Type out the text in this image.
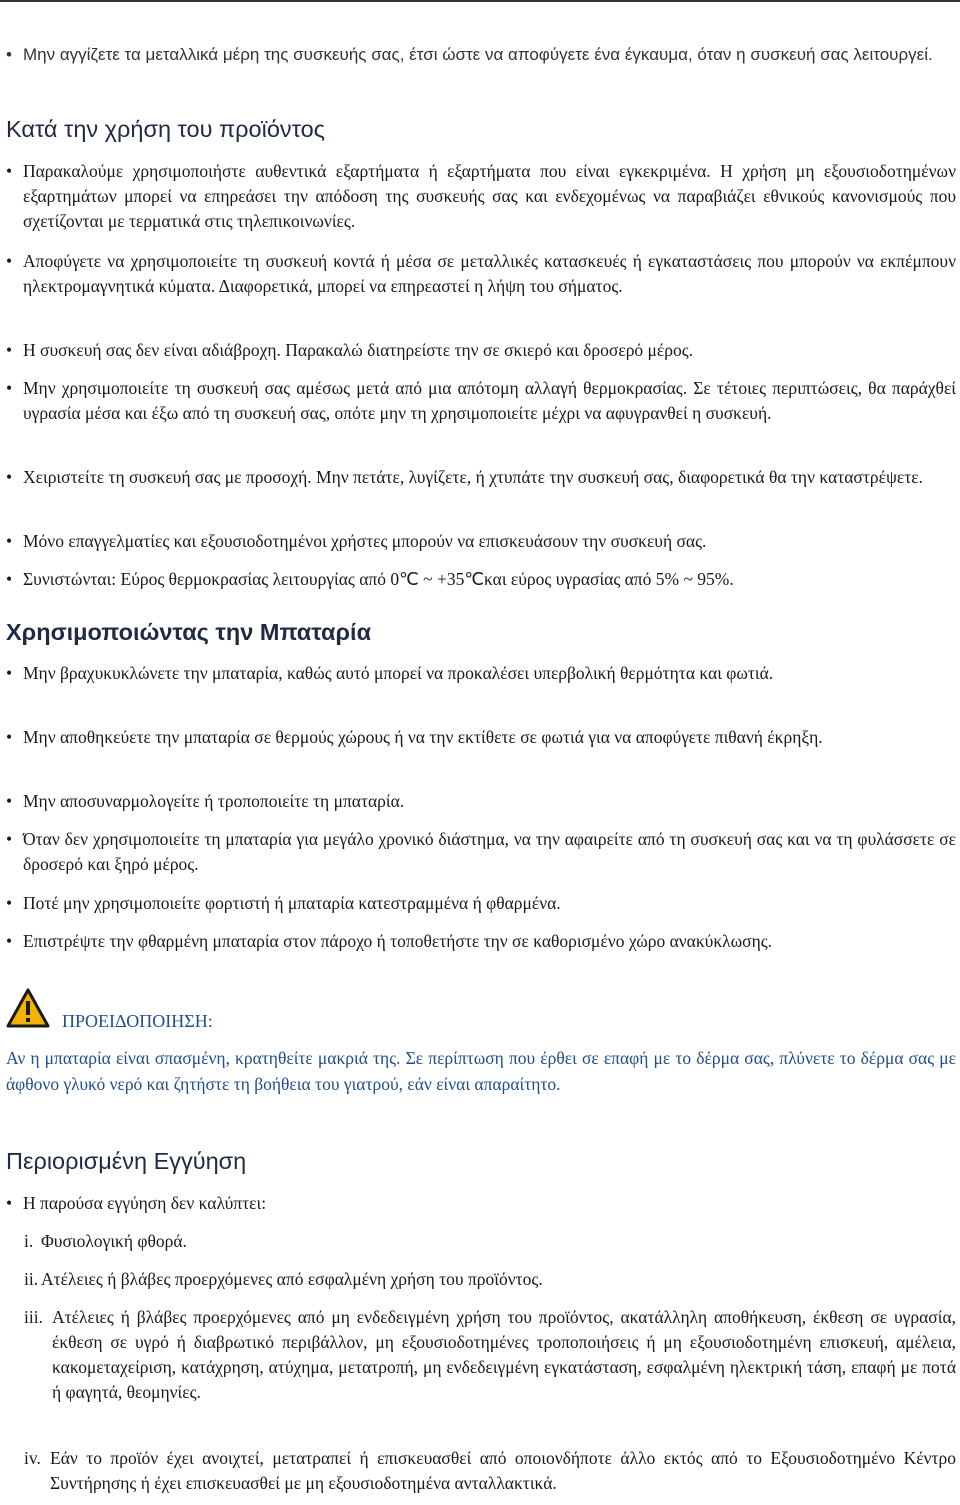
• Μην αγγίζετε τα μεταλλικά μέρη της συσκευής σας, έτσι ώστε να αποφύγετε ένα έγκαυμα, όταν η συσκευή σας λειτουργεί.
Κατά την χρήση του προϊόντος
• Παρακαλούμε χρησιμοποιήστε αυθεντικά εξαρτήματα ή εξαρτήματα που είναι εγκεκριμένα. Η χρήση μη εξουσιοδοτημένων εξαρτημάτων μπορεί να επηρεάσει την απόδοση της συσκευής σας και ενδεχομένως να παραβιάζει εθνικούς κανονισμούς που σχετίζονται με τερματικά στις τηλεπικοινωνίες.
• Αποφύγετε να χρησιμοποιείτε τη συσκευή κοντά ή μέσα σε μεταλλικές κατασκευές ή εγκαταστάσεις που μπορούν να εκπέμπουν ηλεκτρομαγνητικά κύματα. Διαφορετικά, μπορεί να επηρεαστεί η λήψη του σήματος.
• Η συσκευή σας δεν είναι αδιάβροχη. Παρακαλώ διατηρείστε την σε σκιερό και δροσερό μέρος.
• Μην χρησιμοποιείτε τη συσκευή σας αμέσως μετά από μια απότομη αλλαγή θερμοκρασίας. Σε τέτοιες περιπτώσεις, θα παράχθεί υγρασία μέσα και έξω από τη συσκευή σας, οπότε μην τη χρησιμοποιείτε μέχρι να αφυγρανθεί η συσκευή.
• Χειριστείτε τη συσκευή σας με προσοχή. Μην πετάτε, λυγίζετε, ή χτυπάτε την συσκευή σας, διαφορετικά θα την καταστρέψετε.
• Μόνο επαγγελματίες και εξουσιοδοτημένοι χρήστες μπορούν να επισκευάσουν την συσκευή σας.
• Συνιστώνται: Εύρος θερμοκρασίας λειτουργίας από 0℃ ~ +35℃και εύρος υγρασίας από 5% ~ 95%.
Χρησιμοποιώντας την Μπαταρία
• Μην βραχυκυκλώνετε την μπαταρία, καθώς αυτό μπορεί να προκαλέσει υπερβολική θερμότητα και φωτιά.
• Μην αποθηκεύετε την μπαταρία σε θερμούς χώρους ή να την εκτίθετε σε φωτιά για να αποφύγετε πιθανή έκρηξη.
• Μην αποσυναρμολογείτε ή τροποποιείτε τη μπαταρία.
• Όταν δεν χρησιμοποιείτε τη μπαταρία για μεγάλο χρονικό διάστημα, να την αφαιρείτε από τη συσκευή σας και να τη φυλάσσετε σε δροσερό και ξηρό μέρος.
• Ποτέ μην χρησιμοποιείτε φορτιστή ή μπαταρία κατεστραμμένα ή φθαρμένα.
• Επιστρέψτε την φθαρμένη μπαταρία στον πάροχο ή τοποθετήστε την σε καθορισμένο χώρο ανακύκλωσης.
ΠΡΟΕΙΔΟΠΟΙΗΣΗ:
Αν η μπαταρία είναι σπασμένη, κρατηθείτε μακριά της. Σε περίπτωση που έρθει σε επαφή με το δέρμα σας, πλύνετε το δέρμα σας με άφθονο γλυκό νερό και ζητήστε τη βοήθεια του γιατρού, εάν είναι απαραίτητο.
Περιορισμένη Εγγύηση
• Η παρούσα εγγύηση δεν καλύπτει:
i. Φυσιολογική φθορά.
ii. Ατέλειες ή βλάβες προερχόμενες από εσφαλμένη χρήση του προϊόντος.
iii. Ατέλειες ή βλάβες προερχόμενες από μη ενδεδειγμένη χρήση του προϊόντος, ακατάλληλη αποθήκευση, έκθεση σε υγρασία, έκθεση σε υγρό ή διαβρωτικό περιβάλλον, μη εξουσιοδοτημένες τροποποιήσεις ή μη εξουσιοδοτημένη επισκευή, αμέλεια, κακομεταχείριση, κατάχρηση, ατύχημα, μετατροπή, μη ενδεδειγμένη εγκατάσταση, εσφαλμένη ηλεκτρική τάση, επαφή με ποτά ή φαγητά, θεομηνίες.
iv. Εάν το προϊόν έχει ανοιχτεί, μετατραπεί ή επισκευασθεί από οποιονδήποτε άλλο εκτός από το Εξουσιοδοτημένο Κέντρο Συντήρησης ή έχει επισκευασθεί με μη εξουσιοδοτημένα ανταλλακτικά.
